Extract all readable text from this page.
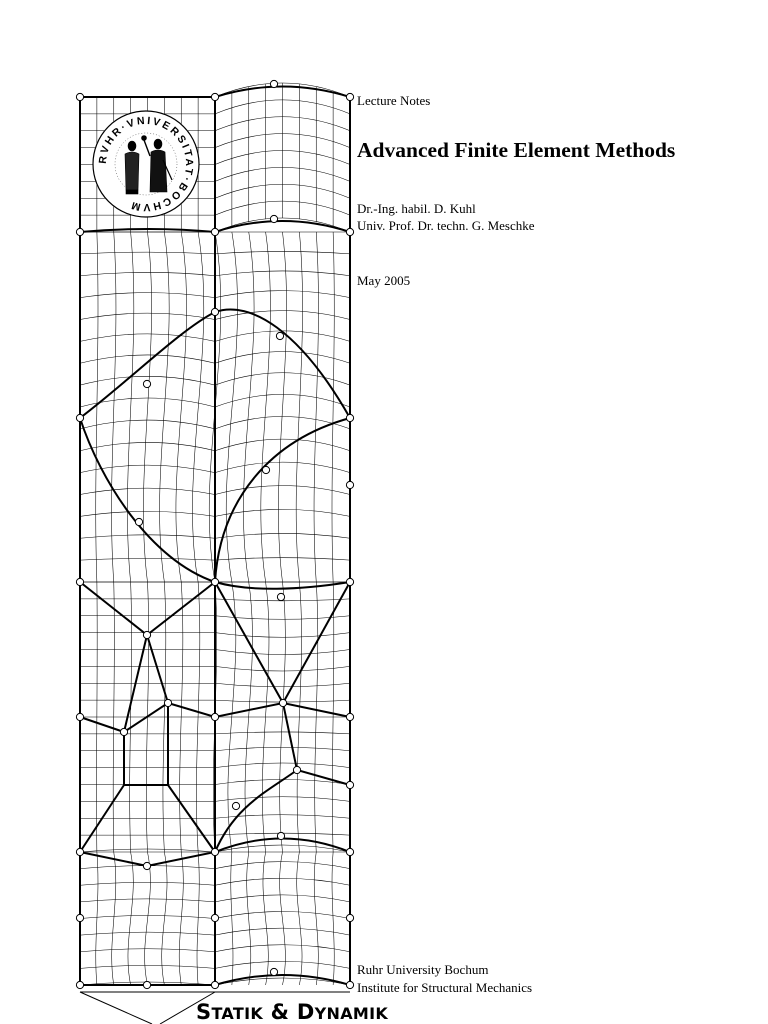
RVHR·VNIVERSITAT·BOCHVM
Lecture Notes
Advanced Finite Element Methods
Dr.-Ing. habil. D. Kuhl
Univ. Prof. Dr. techn. G. Meschke
May 2005
Ruhr University Bochum
Institute for Structural Mechanics
STATIK & DYNAMIK
